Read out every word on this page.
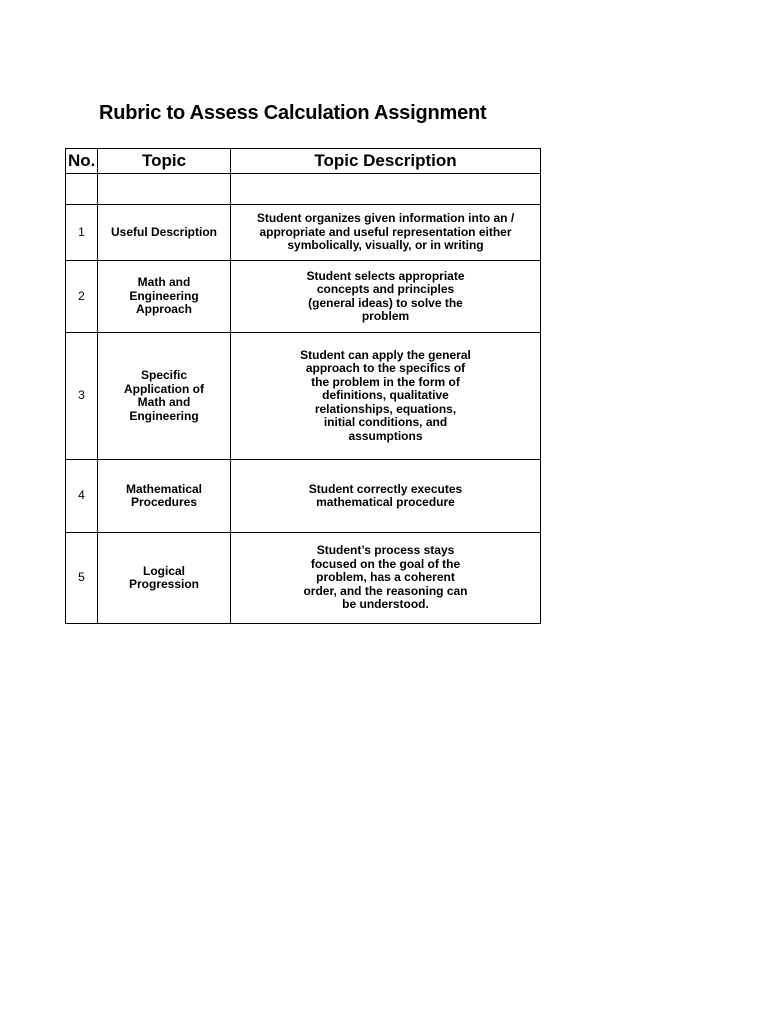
Rubric to Assess Calculation Assignment
No.	Topic	Topic Description

1	Useful Description	Student organizes given information into an / appropriate and useful representation either symbolically, visually, or in writing
2	Math and Engineering Approach	Student selects appropriate concepts and principles (general ideas) to solve the problem
3	Specific Application of Math and Engineering	Student can apply the general approach to the specifics of the problem in the form of definitions, qualitative relationships, equations, initial conditions, and assumptions
4	Mathematical Procedures	Student correctly executes mathematical procedure
5	Logical Progression	Student’s process stays focused on the goal of the problem, has a coherent order, and the reasoning can be understood.
